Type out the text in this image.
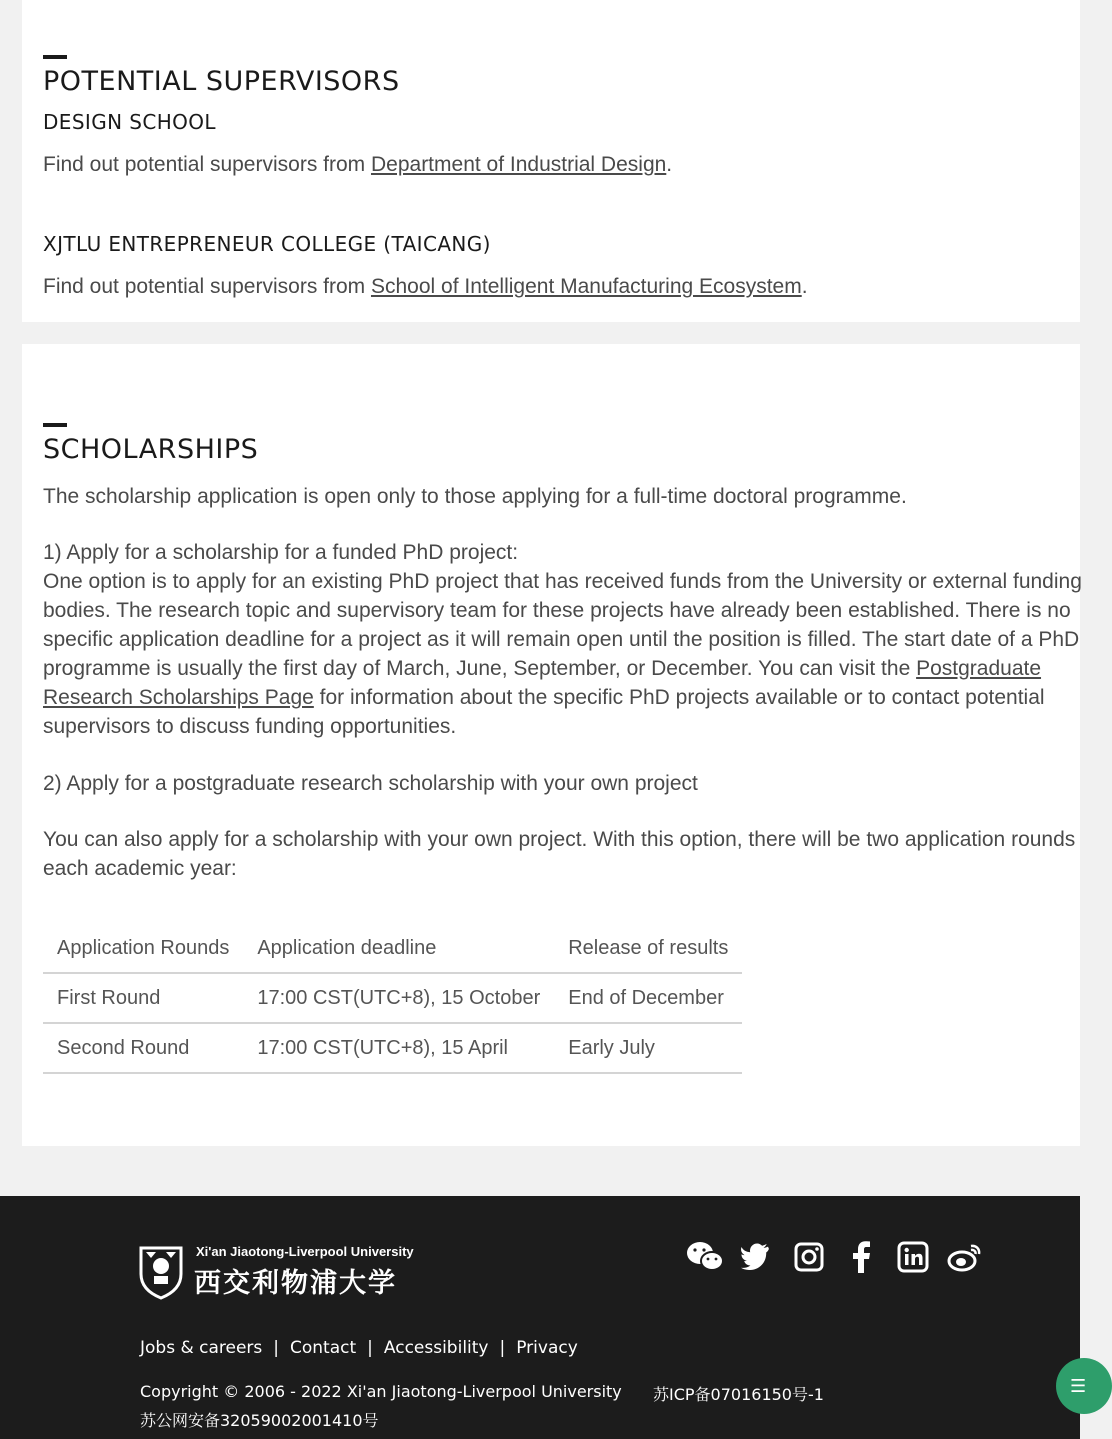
POTENTIAL SUPERVISORS
DESIGN SCHOOL

Find out potential supervisors from Department of Industrial Design.

XJTLU ENTREPRENEUR COLLEGE (TAICANG)

Find out potential supervisors from School of Intelligent Manufacturing Ecosystem.

SCHOLARSHIPS

The scholarship application is open only to those applying for a full-time doctoral programme.

1) Apply for a scholarship for a funded PhD project:

One option is to apply for an existing PhD project that has received funds from the University or external funding bodies. The research topic and supervisory team for these projects have already been established. There is no specific application deadline for a project as it will remain open until the position is filled. The start date of a PhD programme is usually the first day of March, June, September, or December. You can visit the Postgraduate Research Scholarships Page for information about the specific PhD projects available or to contact potential supervisors to discuss funding opportunities.

2) Apply for a postgraduate research scholarship with your own project

You can also apply for a scholarship with your own project. With this option, there will be two application rounds each academic year:

Application Rounds	Application deadline	Release of results
First Round	17:00 CST(UTC+8), 15 October	End of December
Second Round	17:00 CST(UTC+8), 15 April	Early July
Xi'an Jiaotong-Liverpool University
西交利物浦大学
Jobs & careers | Contact | Accessibility | Privacy
Copyright © 2006 - 2022 Xi'an Jiaotong-Liverpool University 苏ICP备07016150号-1
苏公网安备32059002001410号
☰
